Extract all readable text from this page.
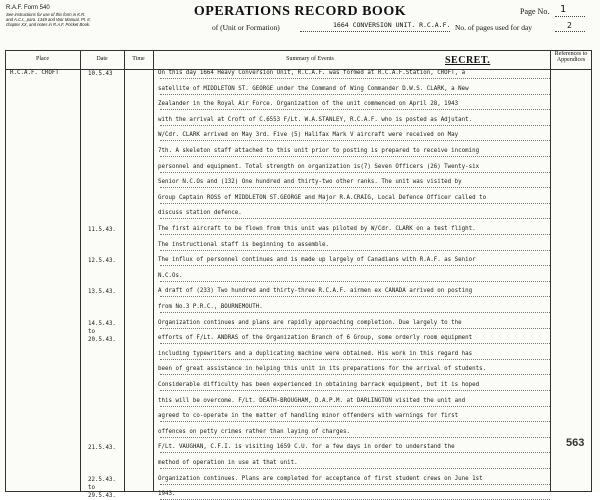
R.A.F. Form 540
See instructions for use of this form in K.R. and A.C.I., para. 1349 and War Manual, Pt. II, chapter XX, and notes in R.A.F. Pocket Book.
OPERATIONS RECORD BOOK	Page No. 1
of (Unit or Formation)	1664 CONVERSION UNIT. R.C.A.F. No. of pages used for day	2
Place	Date	Time	Summary of Events	SECRET.
References to Appendices
R.C.A.F. CROFT	10.5.43	On this day 1664 Heavy Conversion Unit, R.C.A.F. was formed at R.C.A.F.Station, CROFT, a
satellite of MIDDLETON ST. GEORGE under the Command of Wing Commander D.W.S. CLARK, a New
Zealander in the Royal Air Force. Organization of the unit commenced on April 28, 1943
with the arrival at Croft of C.6553 F/Lt. W.A.STANLEY, R.C.A.F. who is posted as Adjutant.
W/Cdr. CLARK arrived on May 3rd. Five (5) Halifax Mark V aircraft were received on May
7th. A skeleton staff attached to this unit prior to posting is prepared to receive incoming
personnel and equipment. Total strength on organization is(7) Seven Officers (26) Twenty-six
Senior N.C.Os and (132) One hundred and thirty-two other ranks. The unit was visited by
Group Captain ROSS of MIDDLETON ST.GEORGE and Major R.A.CRAIG, Local Defence Officer called to
discuss station defence.
11.5.43.	The first aircraft to be flown from this unit was piloted by W/Cdr. CLARK on a test flight.
The instructional staff is beginning to assemble.
12.5.43.	The influx of personnel continues and is made up largely of Canadians with R.A.F. as Senior
N.C.Os.
13.5.43.	A draft of (233) Two hundred and thirty-three R.C.A.F. airmen ex CANADA arrived on posting
from No.3 P.R.C., BOURNEMOUTH.
14.5.43. to 20.5.43.
Organization continues and plans are rapidly approaching completion. Due largely to the
efforts of F/Lt. ANDRAS of the Organization Branch of 6 Group, some orderly room equipment
including typewriters and a duplicating machine were obtained. His work in this regard has
been of great assistance in helping this unit in its preparations for the arrival of students.
Considerable difficulty has been experienced in obtaining barrack equipment, but it is hoped
this will be overcome. F/Lt. DEATH-BROUGHAM, D.A.P.M. at DARLINGTON visited the unit and
agreed to co-operate in the matter of handling minor offenders with warnings for first
offences on petty crimes rather than laying of charges.
21.5.43.	F/Lt. VAUGHAN, C.F.I. is visiting 1659 C.U. for a few days in order to understand the
method of operation in use at that unit.
22.5.43. to 29.5.43.
Organization continues. Plans are completed for acceptance of first student crews on June 1st
1943.
563
